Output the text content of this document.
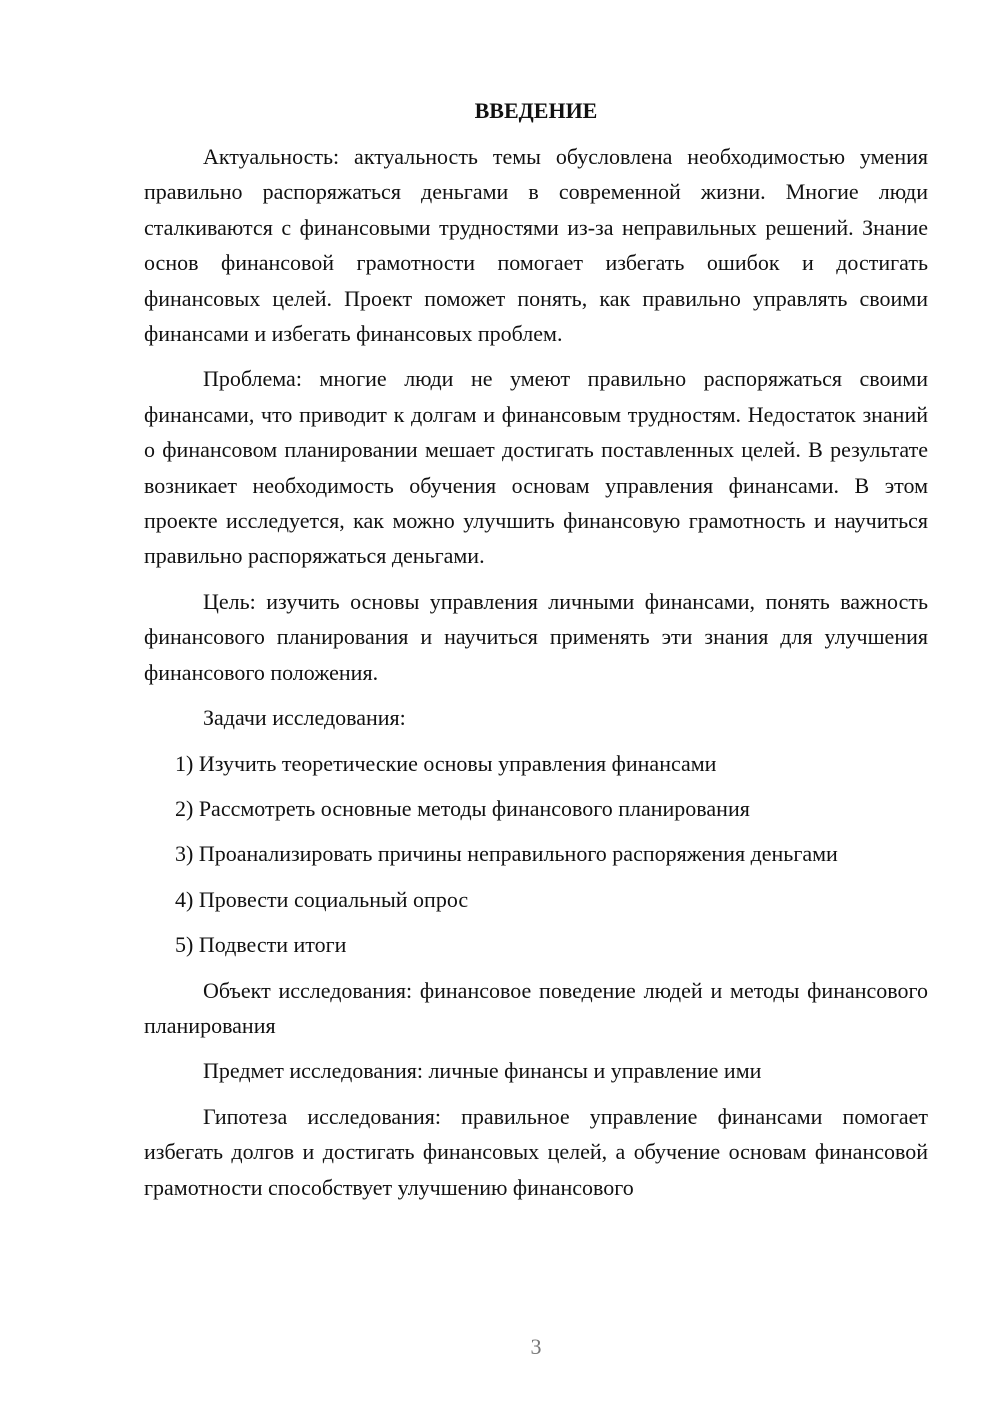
ВВЕДЕНИЕ
Актуальность: актуальность темы обусловлена необходимостью умения правильно распоряжаться деньгами в современной жизни. Многие люди сталкиваются с финансовыми трудностями из-за неправильных решений. Знание основ финансовой грамотности помогает избегать ошибок и достигать финансовых целей. Проект поможет понять, как правильно управлять своими финансами и избегать финансовых проблем.
Проблема: многие люди не умеют правильно распоряжаться своими финансами, что приводит к долгам и финансовым трудностям. Недостаток знаний о финансовом планировании мешает достигать поставленных целей. В результате возникает необходимость обучения основам управления финансами. В этом проекте исследуется, как можно улучшить финансовую грамотность и научиться правильно распоряжаться деньгами.
Цель: изучить основы управления личными финансами, понять важность финансового планирования и научиться применять эти знания для улучшения финансового положения.
Задачи исследования:
1) Изучить теоретические основы управления финансами
2) Рассмотреть основные методы финансового планирования
3) Проанализировать причины неправильного распоряжения деньгами
4) Провести социальный опрос
5) Подвести итоги
Объект исследования: финансовое поведение людей и методы финансового планирования
Предмет исследования: личные финансы и управление ими
Гипотеза исследования: правильное управление финансами помогает избегать долгов и достигать финансовых целей, а обучение основам финансовой грамотности способствует улучшению финансового
3
